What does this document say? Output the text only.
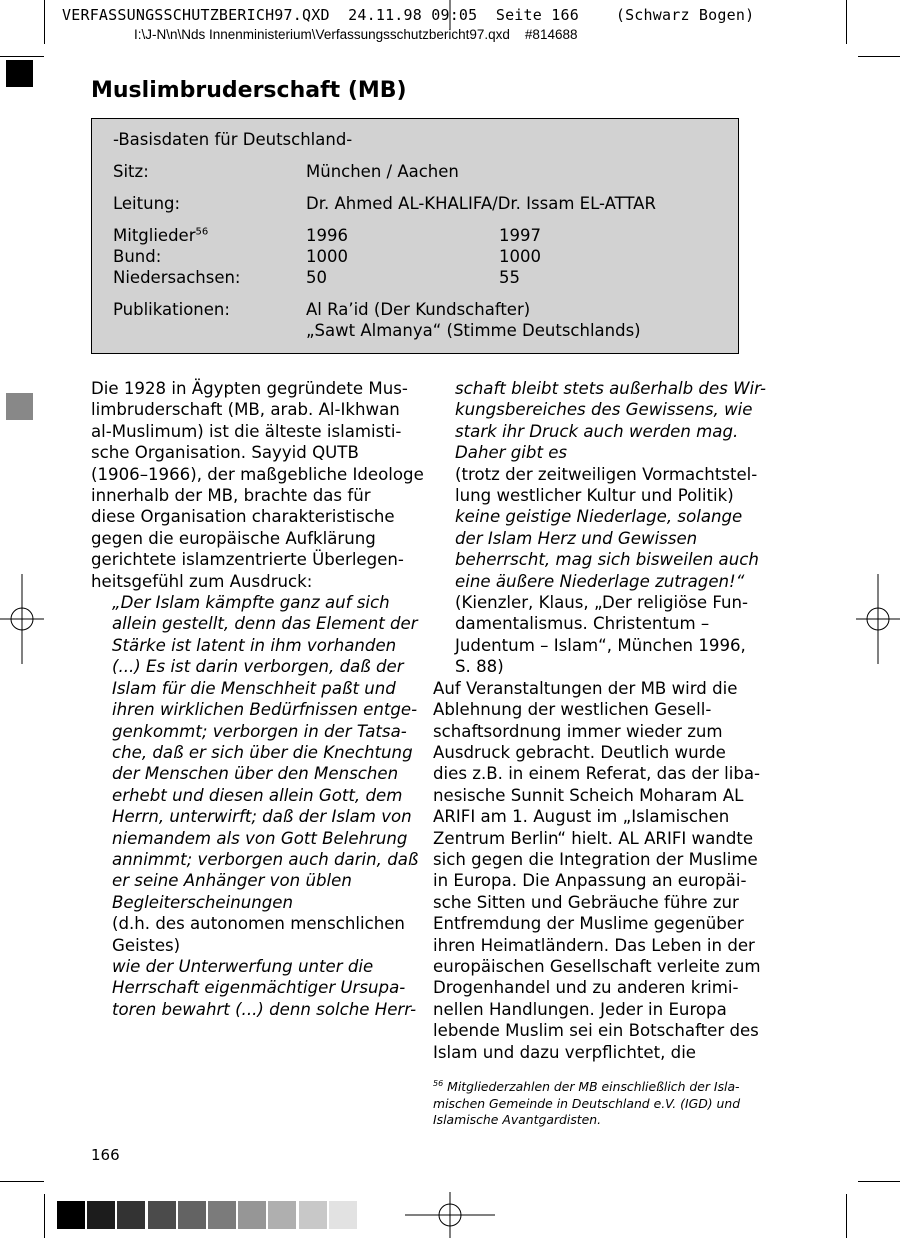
VERFASSUNGSSCHUTZBERICH97.QXD  24.11.98 09:05  Seite 166    (Schwarz Bogen)
I:\J-N\n\Nds Innenministerium\Verfassungsschutzbericht97.qxd    #814688
Muslimbruderschaft (MB)
-Basisdaten für Deutschland-
Sitz:	München / Aachen
Leitung:	Dr. Ahmed AL-KHALIFA/Dr. Issam EL-ATTAR
Mitglieder$^{56}$	1996	1997
Bund:	1000	1000
Niedersachsen:	50	55
Publikationen:	Al Ra’id (Der Kundschafter)
„Sawt Almanya“ (Stimme Deutschlands)

Die 1928 in Ägypten gegründete Mus-

limbruderschaft (MB, arab. Al-Ikhwan

al-Muslimum) ist die älteste islamisti-

sche Organisation. Sayyid QUTB

(1906–1966), der maßgebliche Ideologe

innerhalb der MB, brachte das für

diese Organisation charakteristische

gegen die europäische Aufklärung

gerichtete islamzentrierte Überlegen-

heitsgefühl zum Ausdruck:

„Der Islam kämpfte ganz auf sich

allein gestellt, denn das Element der

Stärke ist latent in ihm vorhanden

(...) Es ist darin verborgen, daß der

Islam für die Menschheit paßt und

ihren wirklichen Bedürfnissen entge-

genkommt; verborgen in der Tatsa-

che, daß er sich über die Knechtung

der Menschen über den Menschen

erhebt und diesen allein Gott, dem

Herrn, unterwirft; daß der Islam von

niemandem als von Gott Belehrung

annimmt; verborgen auch darin, daß

er seine Anhänger von üblen

Begleiterscheinungen

(d.h. des autonomen menschlichen

Geistes)

wie der Unterwerfung unter die

Herrschaft eigenmächtiger Ursupa-

toren bewahrt (...) denn solche Herr-

schaft bleibt stets außerhalb des Wir-

kungsbereiches des Gewissens, wie

stark ihr Druck auch werden mag.

Daher gibt es

(trotz der zeitweiligen Vormachtstel-

lung westlicher Kultur und Politik)

keine geistige Niederlage, solange

der Islam Herz und Gewissen

beherrscht, mag sich bisweilen auch

eine äußere Niederlage zutragen!“

(Kienzler, Klaus, „Der religiöse Fun-

damentalismus. Christentum –

Judentum – Islam“, München 1996,

S. 88)

Auf Veranstaltungen der MB wird die

Ablehnung der westlichen Gesell-

schaftsordnung immer wieder zum

Ausdruck gebracht. Deutlich wurde

dies z.B. in einem Referat, das der liba-

nesische Sunnit Scheich Moharam AL

ARIFI am 1. August im „Islamischen

Zentrum Berlin“ hielt. AL ARIFI wandte

sich gegen die Integration der Muslime

in Europa. Die Anpassung an europäi-

sche Sitten und Gebräuche führe zur

Entfremdung der Muslime gegenüber

ihren Heimatländern. Das Leben in der

europäischen Gesellschaft verleite zum

Drogenhandel und zu anderen krimi-

nellen Handlungen. Jeder in Europa

lebende Muslim sei ein Botschafter des

Islam und dazu verpflichtet, die

$^{56}$ Mitgliederzahlen der MB einschließlich der Isla-

mischen Gemeinde in Deutschland e.V. (IGD) und

Islamische Avantgardisten.

166
